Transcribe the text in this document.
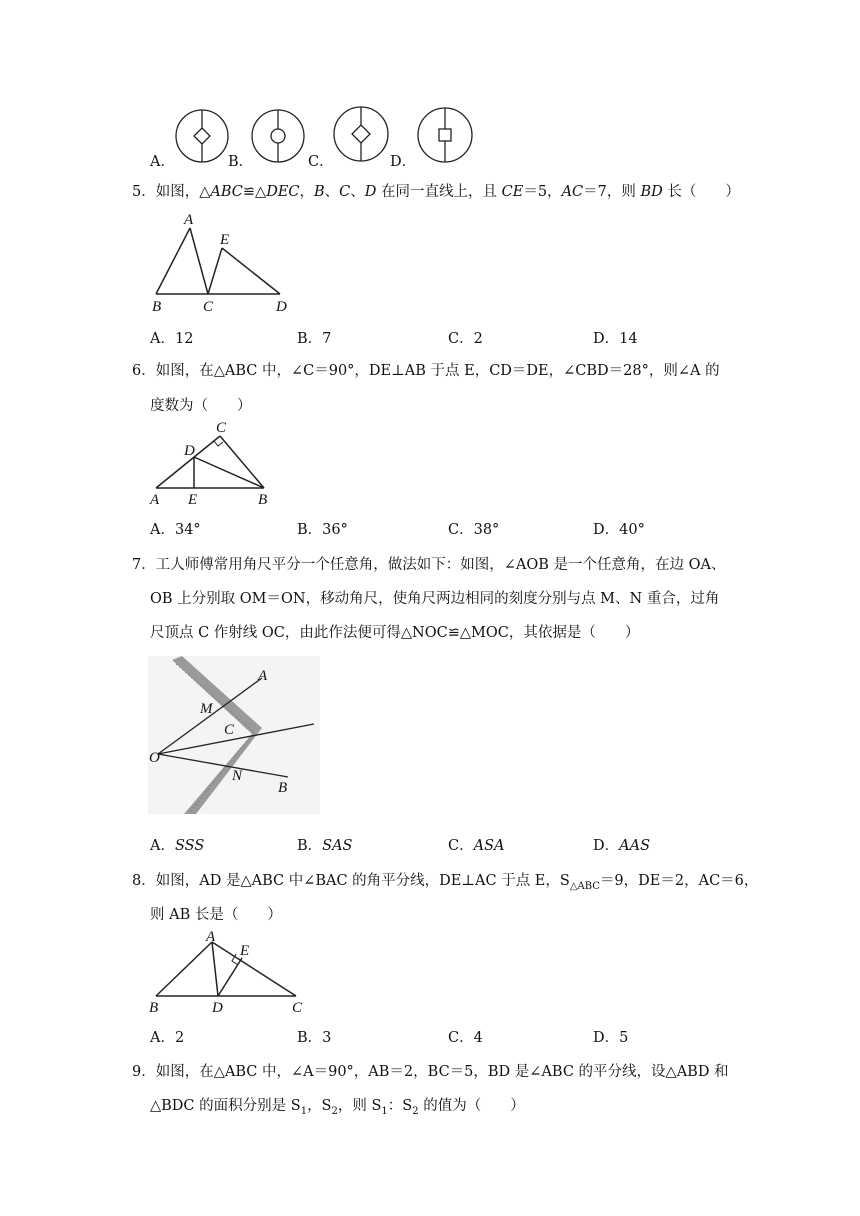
A．	B．	C．	D．
5．如图，△ABC≌△DEC，B、C、D 在同一直线上，且 CE＝5，AC＝7，则 BD 长（　　）
A
E
B	C	D
A．12	B．7	C．2	D．14
6．如图，在△ABC 中，∠C＝90°，DE⊥AB 于点 E，CD＝DE，∠CBD＝28°，则∠A 的
度数为（　　）
C
D
A E	B
A．34°	B．36°	C．38°	D．40°
7．工人师傅常用角尺平分一个任意角，做法如下：如图，∠AOB 是一个任意角，在边 OA、
OB 上分别取 OM＝ON，移动角尺，使角尺两边相同的刻度分别与点 M、N 重合，过角
尺顶点 C 作射线 OC，由此作法便可得△NOC≌△MOC，其依据是（　　）
A
M
C
O
N
B
A．SSS	B．SAS	C．ASA	D．AAS
8．如图，AD 是△ABC 中∠BAC 的角平分线，DE⊥AC 于点 E，$S_{\triangle ABC}=9$，DE＝2，AC＝6，
则 AB 长是（　　）
A
E
B	D	C
A．2	B．3	C．4	D．5
9．如图，在△ABC 中，∠A＝90°，AB＝2，BC＝5，BD 是∠ABC 的平分线，设△ABD 和
△BDC 的面积分别是 $S_1$，$S_2$，则 $S_1$：$S_2$ 的值为（　　）
